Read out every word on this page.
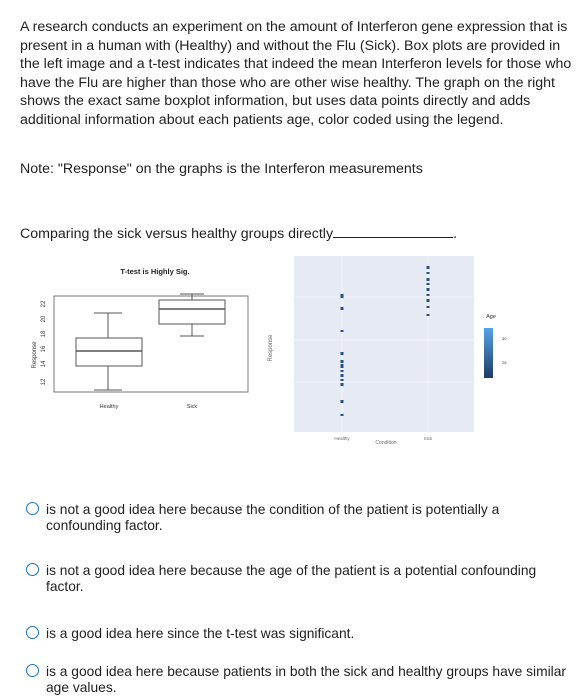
A research conducts an experiment on the amount of Interferon gene expression that is present in a human with (Healthy) and without the Flu (Sick). Box plots are provided in the left image and a t-test indicates that indeed the mean Interferon levels for those who have the Flu are higher than those who are other wise healthy. The graph on the right shows the exact same boxplot information, but uses data points directly and adds additional information about each patients age, color coded using the legend.

Note: "Response" on the graphs is the Interferon measurements

Comparing the sick versus healthy groups directly	.

T-test is Highly Sig.
Response
12
14
16
18
20
22
Healthy	Sick
Response
Healthy	Sick
Condition
Age
30
25
is not a good idea here because the condition of the patient is potentially a confounding factor.
is not a good idea here because the age of the patient is a potential confounding factor.
is a good idea here since the t-test was significant.
is a good idea here because patients in both the sick and healthy groups have similar age values.
